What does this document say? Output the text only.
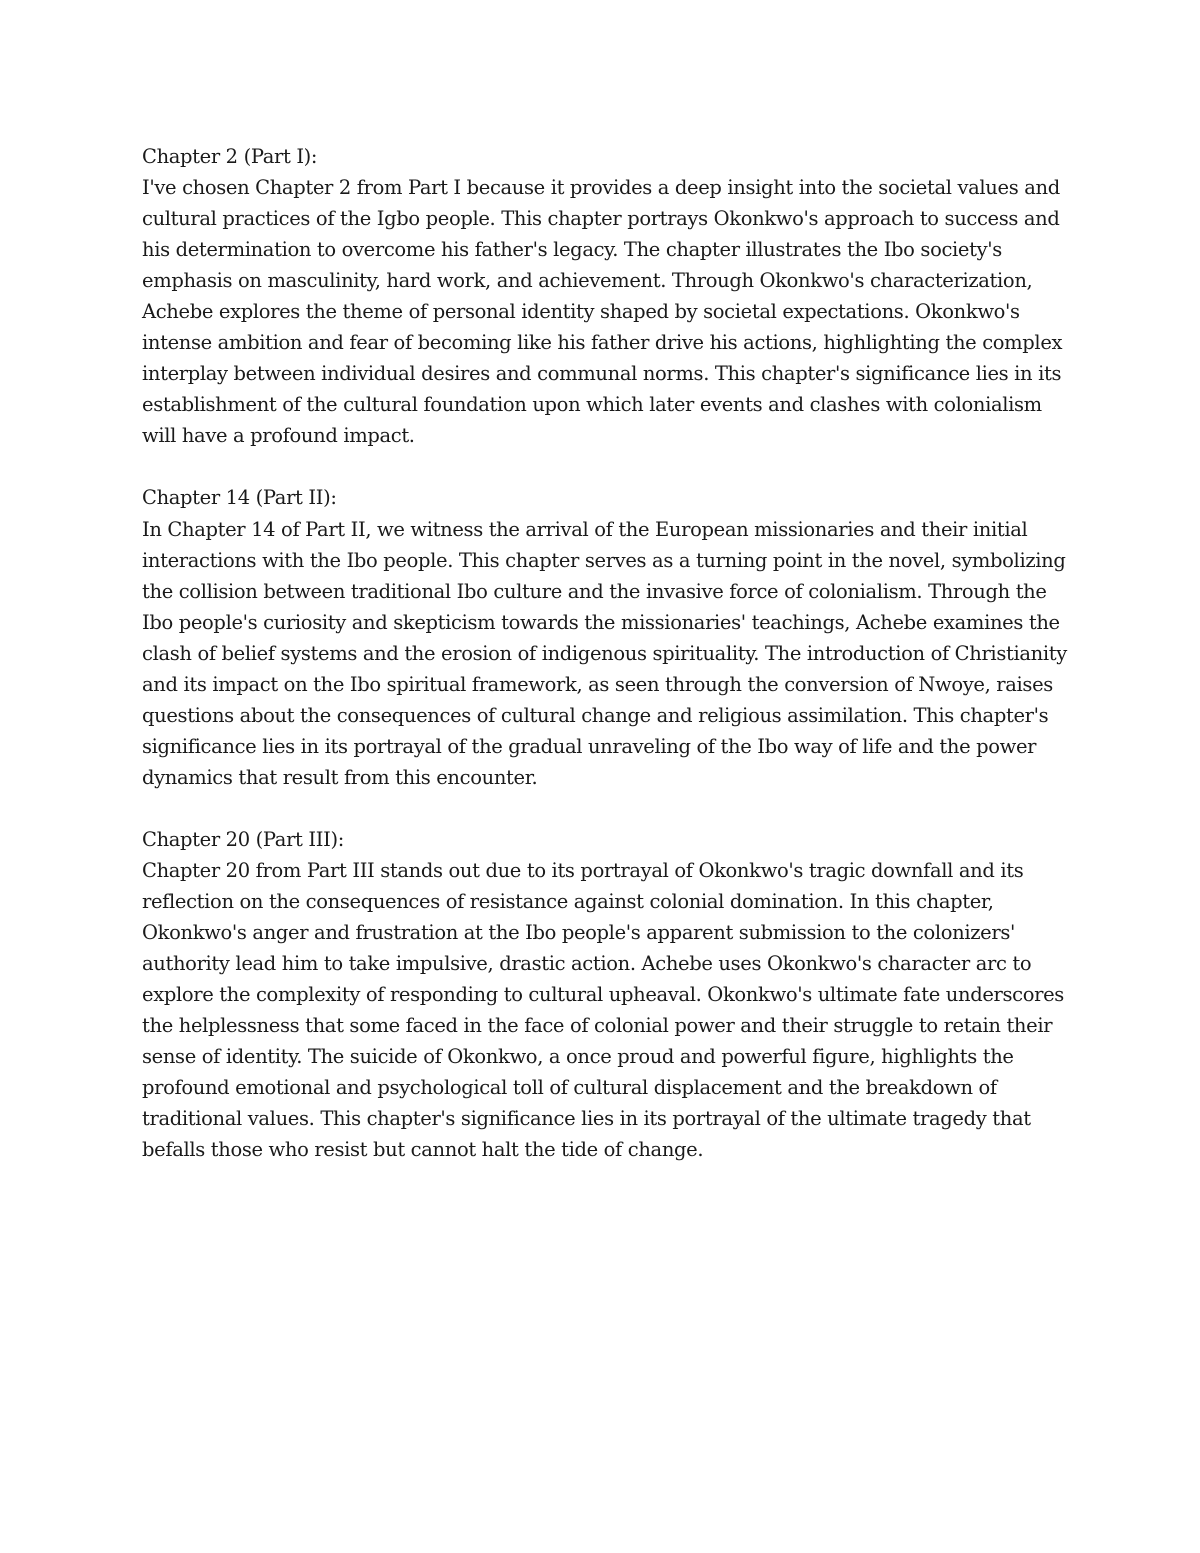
Chapter 2 (Part I):
I've chosen Chapter 2 from Part I because it provides a deep insight into the societal values and
cultural practices of the Igbo people. This chapter portrays Okonkwo's approach to success and
his determination to overcome his father's legacy. The chapter illustrates the Ibo society's
emphasis on masculinity, hard work, and achievement. Through Okonkwo's characterization,
Achebe explores the theme of personal identity shaped by societal expectations. Okonkwo's
intense ambition and fear of becoming like his father drive his actions, highlighting the complex
interplay between individual desires and communal norms. This chapter's significance lies in its
establishment of the cultural foundation upon which later events and clashes with colonialism
will have a profound impact.
Chapter 14 (Part II):
In Chapter 14 of Part II, we witness the arrival of the European missionaries and their initial
interactions with the Ibo people. This chapter serves as a turning point in the novel, symbolizing
the collision between traditional Ibo culture and the invasive force of colonialism. Through the
Ibo people's curiosity and skepticism towards the missionaries' teachings, Achebe examines the
clash of belief systems and the erosion of indigenous spirituality. The introduction of Christianity
and its impact on the Ibo spiritual framework, as seen through the conversion of Nwoye, raises
questions about the consequences of cultural change and religious assimilation. This chapter's
significance lies in its portrayal of the gradual unraveling of the Ibo way of life and the power
dynamics that result from this encounter.
Chapter 20 (Part III):
Chapter 20 from Part III stands out due to its portrayal of Okonkwo's tragic downfall and its
reflection on the consequences of resistance against colonial domination. In this chapter,
Okonkwo's anger and frustration at the Ibo people's apparent submission to the colonizers'
authority lead him to take impulsive, drastic action. Achebe uses Okonkwo's character arc to
explore the complexity of responding to cultural upheaval. Okonkwo's ultimate fate underscores
the helplessness that some faced in the face of colonial power and their struggle to retain their
sense of identity. The suicide of Okonkwo, a once proud and powerful figure, highlights the
profound emotional and psychological toll of cultural displacement and the breakdown of
traditional values. This chapter's significance lies in its portrayal of the ultimate tragedy that
befalls those who resist but cannot halt the tide of change.
